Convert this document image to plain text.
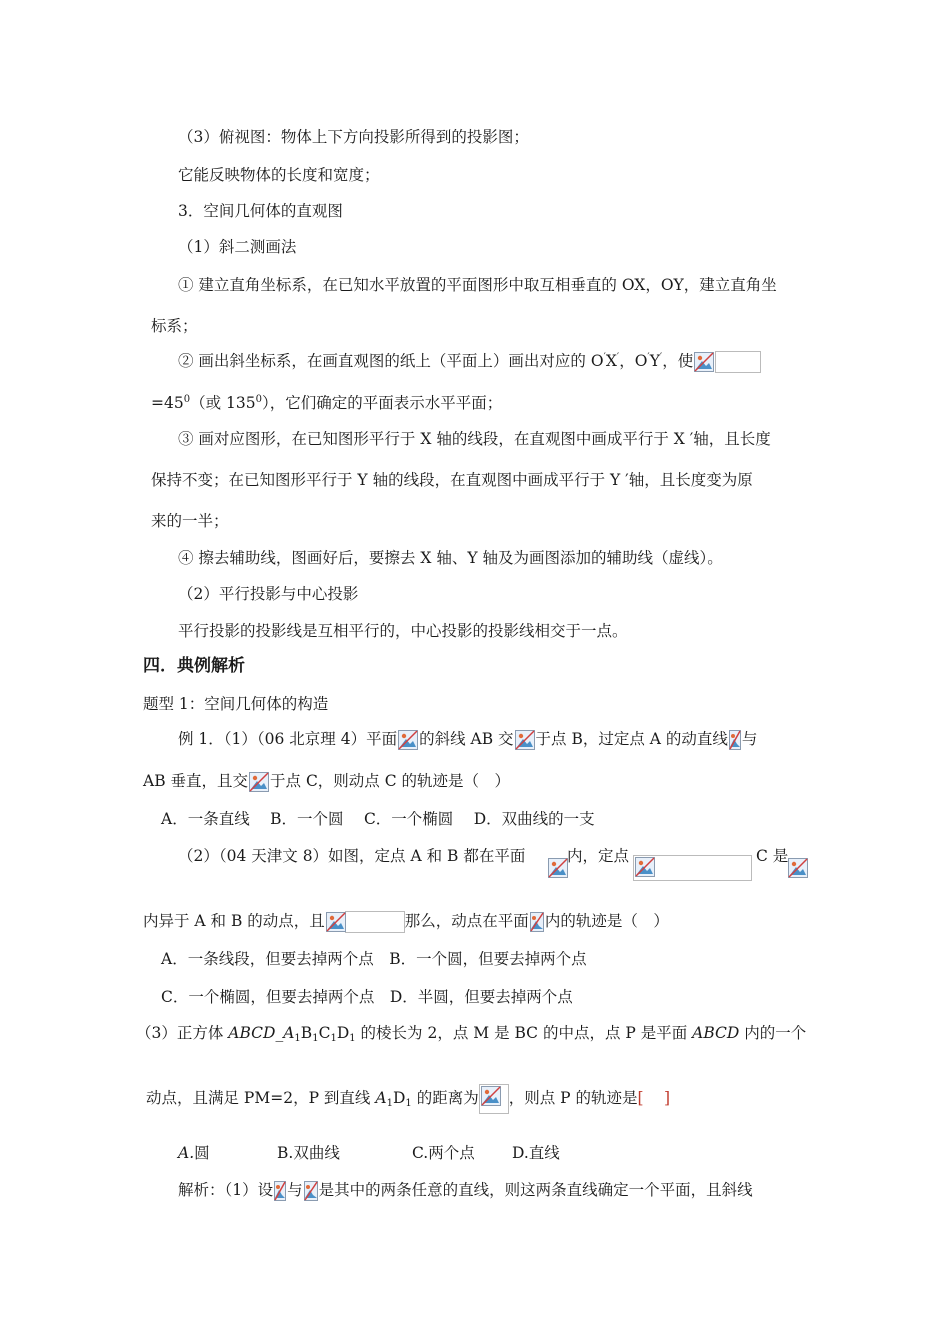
（3）俯视图：物体上下方向投影所得到的投影图；
它能反映物体的长度和宽度；
3．空间几何体的直观图
（1）斜二测画法
① 建立直角坐标系，在已知水平放置的平面图形中取互相垂直的 OX，OY，建立直角坐
标系；
② 画出斜坐标系，在画直观图的纸上（平面上）画出对应的 O′X′，O′Y′，使
$=45^0$（或 $135^0$），它们确定的平面表示水平平面；
③ 画对应图形，在已知图形平行于 X 轴的线段，在直观图中画成平行于 X ′轴，且长度
保持不变；在已知图形平行于 Y 轴的线段，在直观图中画成平行于 Y ′轴，且长度变为原
来的一半；
④ 擦去辅助线，图画好后，要擦去 X 轴、Y 轴及为画图添加的辅助线（虚线）。
（2）平行投影与中心投影
平行投影的投影线是互相平行的，中心投影的投影线相交于一点。
四．典例解析
题型 1：空间几何体的构造
例 1．（1）（06 北京理 4）平面 的斜线 AB 交 于点 B，过定点 A 的动直线 与
AB 垂直，且交 于点 C，则动点 C 的轨迹是（　）
A．一条直线　 B．一个圆　 C．一个椭圆　 D．双曲线的一支
（2）（04 天津文 8）如图，定点 A 和 B 都在平面	内，定点	C 是
内异于 A 和 B 的动点，且	那么，动点在平面 内的轨迹是（　）
A．一条线段，但要去掉两个点　B．一个圆，但要去掉两个点
C．一个椭圆，但要去掉两个点　D．半圆，但要去掉两个点
（3）正方体 $ABCD\_A_1B_1C_1D_1$ 的棱长为 2，点 M 是 BC 的中点，点 P 是平面 ABCD 内的一个
动点，且满足 PM=2，P 到直线 $A_1D_1$ 的距离为 ，则点 P 的轨迹是[　 ]
A.圆	B.双曲线	C.两个点 D.直线
解析：（1）设 与 是其中的两条任意的直线，则这两条直线确定一个平面，且斜线
